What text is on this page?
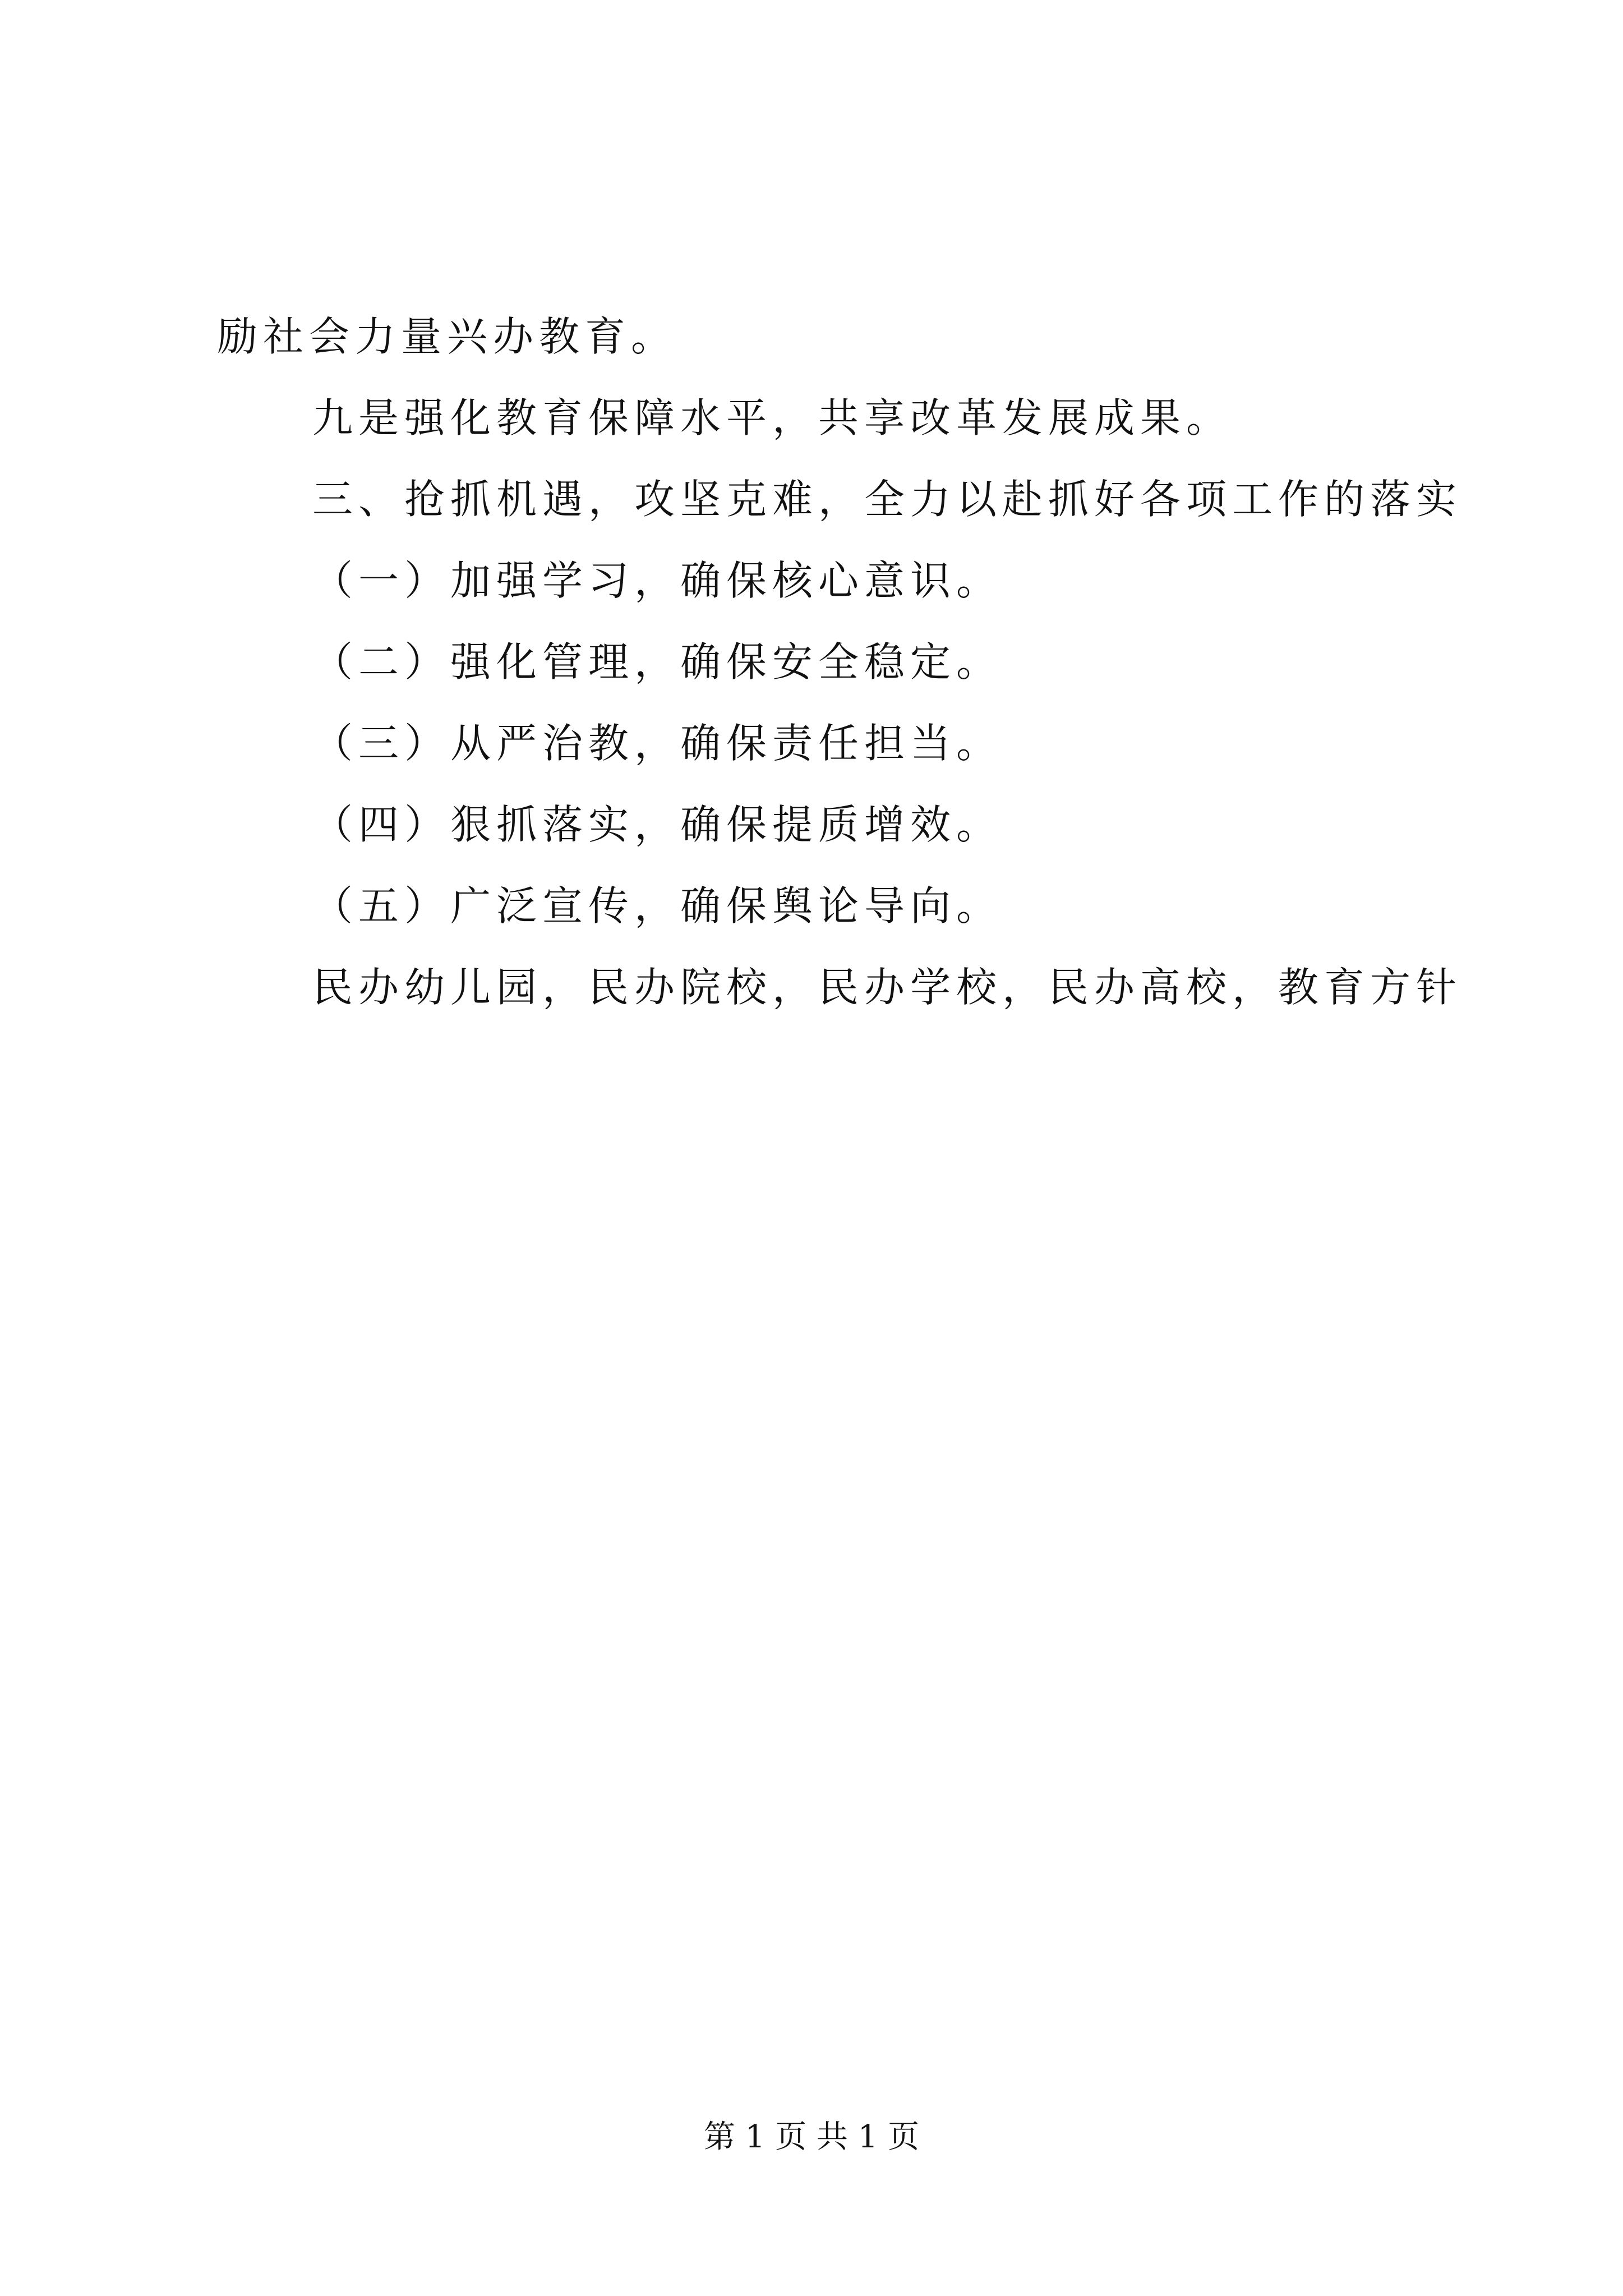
励社会力量兴办教育。
九是强化教育保障水平，共享改革发展成果。
三、抢抓机遇，攻坚克难，全力以赴抓好各项工作的落实
（一）加强学习，确保核心意识。
（二）强化管理，确保安全稳定。
（三）从严治教，确保责任担当。
（四）狠抓落实，确保提质增效。
（五）广泛宣传，确保舆论导向。
民办幼儿园，民办院校，民办学校，民办高校，教育方针
第 1 页 共 1 页
